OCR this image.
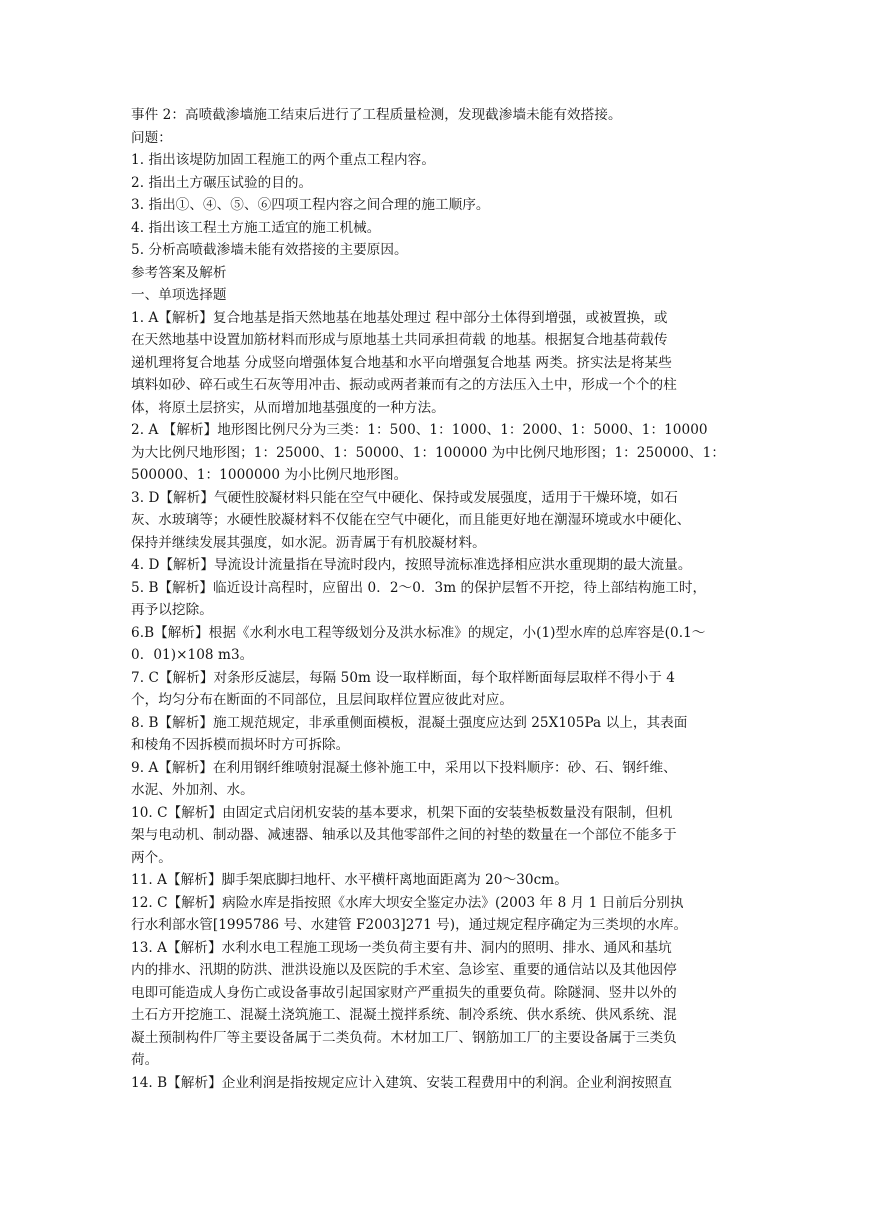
事件 2：高喷截渗墙施工结束后进行了工程质量检测，发现截渗墙未能有效搭接。
问题：
1. 指出该堤防加固工程施工的两个重点工程内容。
2. 指出土方碾压试验的目的。
3. 指出①、④、⑤、⑥四项工程内容之间合理的施工顺序。
4. 指出该工程土方施工适宜的施工机械。
5. 分析高喷截渗墙未能有效搭接的主要原因。
参考答案及解析
一、单项选择题
1. A【解析】复合地基是指天然地基在地基处理过 程中部分土体得到增强，或被置换，或
在天然地基中设置加筋材料而形成与原地基土共同承担荷载 的地基。根据复合地基荷载传
递机理将复合地基 分成竖向增强体复合地基和水平向增强复合地基 两类。挤实法是将某些
填料如砂、碎石或生石灰等用冲击、振动或两者兼而有之的方法压入土中，形成一个个的柱
体，将原土层挤实，从而增加地基强度的一种方法。
2. A 【解析】地形图比例尺分为三类：1：500、1：1000、1：2000、1：5000、1：10000
为大比例尺地形图；1：25000、1：50000、1：100000 为中比例尺地形图；1：250000、1：
500000、1：1000000 为小比例尺地形图。
3. D【解析】气硬性胶凝材料只能在空气中硬化、保持或发展强度，适用于干燥环境，如石
灰、水玻璃等；水硬性胶凝材料不仅能在空气中硬化，而且能更好地在潮湿环境或水中硬化、
保持并继续发展其强度，如水泥。沥青属于有机胶凝材料。
4. D【解析】导流设计流量指在导流时段内，按照导流标准选择相应洪水重现期的最大流量。
5. B【解析】临近设计高程时，应留出 0．2～0．3m 的保护层暂不开挖，待上部结构施工时，
再予以挖除。
6.B【解析】根据《水利水电工程等级划分及洪水标准》的规定，小(1)型水库的总库容是(0.1～
0．01)×108 m3。
7. C【解析】对条形反滤层，每隔 50m 设一取样断面，每个取样断面每层取样不得小于 4
个，均匀分布在断面的不同部位，且层间取样位置应彼此对应。
8. B【解析】施工规范规定，非承重侧面模板，混凝土强度应达到 25X105Pa 以上，其表面
和棱角不因拆模而损坏时方可拆除。
9. A【解析】在利用钢纤维喷射混凝土修补施工中，采用以下投料顺序：砂、石、钢纤维、
水泥、外加剂、水。
10. C【解析】由固定式启闭机安装的基本要求，机架下面的安装垫板数量没有限制，但机
架与电动机、制动器、减速器、轴承以及其他零部件之间的衬垫的数量在一个部位不能多于
两个。
11. A【解析】脚手架底脚扫地杆、水平横杆离地面距离为 20～30cm。
12. C【解析】病险水库是指按照《水库大坝安全鉴定办法》(2003 年 8 月 1 日前后分别执
行水利部水管[1995786 号、水建管 F2003]271 号)，通过规定程序确定为三类坝的水库。
13. A【解析】水利水电工程施工现场一类负荷主要有井、洞内的照明、排水、通风和基坑
内的排水、汛期的防洪、泄洪设施以及医院的手术室、急诊室、重要的通信站以及其他因停
电即可能造成人身伤亡或设备事故引起国家财产严重损失的重要负荷。除隧洞、竖井以外的
土石方开挖施工、混凝土浇筑施工、混凝土搅拌系统、制冷系统、供水系统、供风系统、混
凝土预制构件厂等主要设备属于二类负荷。木材加工厂、钢筋加工厂的主要设备属于三类负
荷。
14. B【解析】企业利润是指按规定应计入建筑、安装工程费用中的利润。企业利润按照直
